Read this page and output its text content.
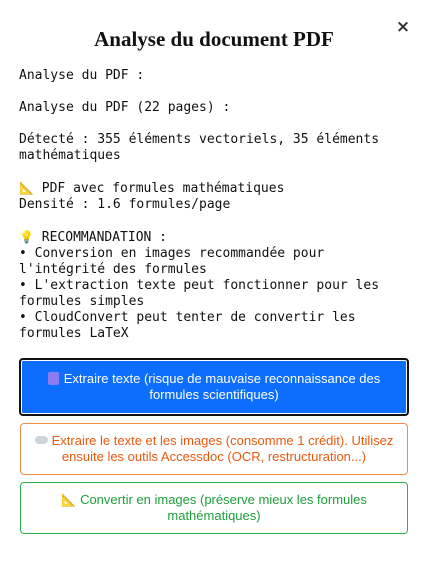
×
Analyse du document PDF

Analyse du PDF :

Analyse du PDF (22 pages) :

Détecté : 355 éléments vectoriels, 35 éléments mathématiques

📐 PDF avec formules mathématiques
Densité : 1.6 formules/page

💡 RECOMMANDATION :
• Conversion en images recommandée pour l'intégrité des formules
• L'extraction texte peut fonctionner pour les formules simples
• CloudConvert peut tenter de convertir les formules LaTeX

Extraire texte (risque de mauvaise reconnaissance des formules scientifiques)
Extraire le texte et les images (consomme 1 crédit). Utilisez ensuite les outils Accessdoc (OCR, restructuration...)
📐 Convertir en images (préserve mieux les formules mathématiques)
